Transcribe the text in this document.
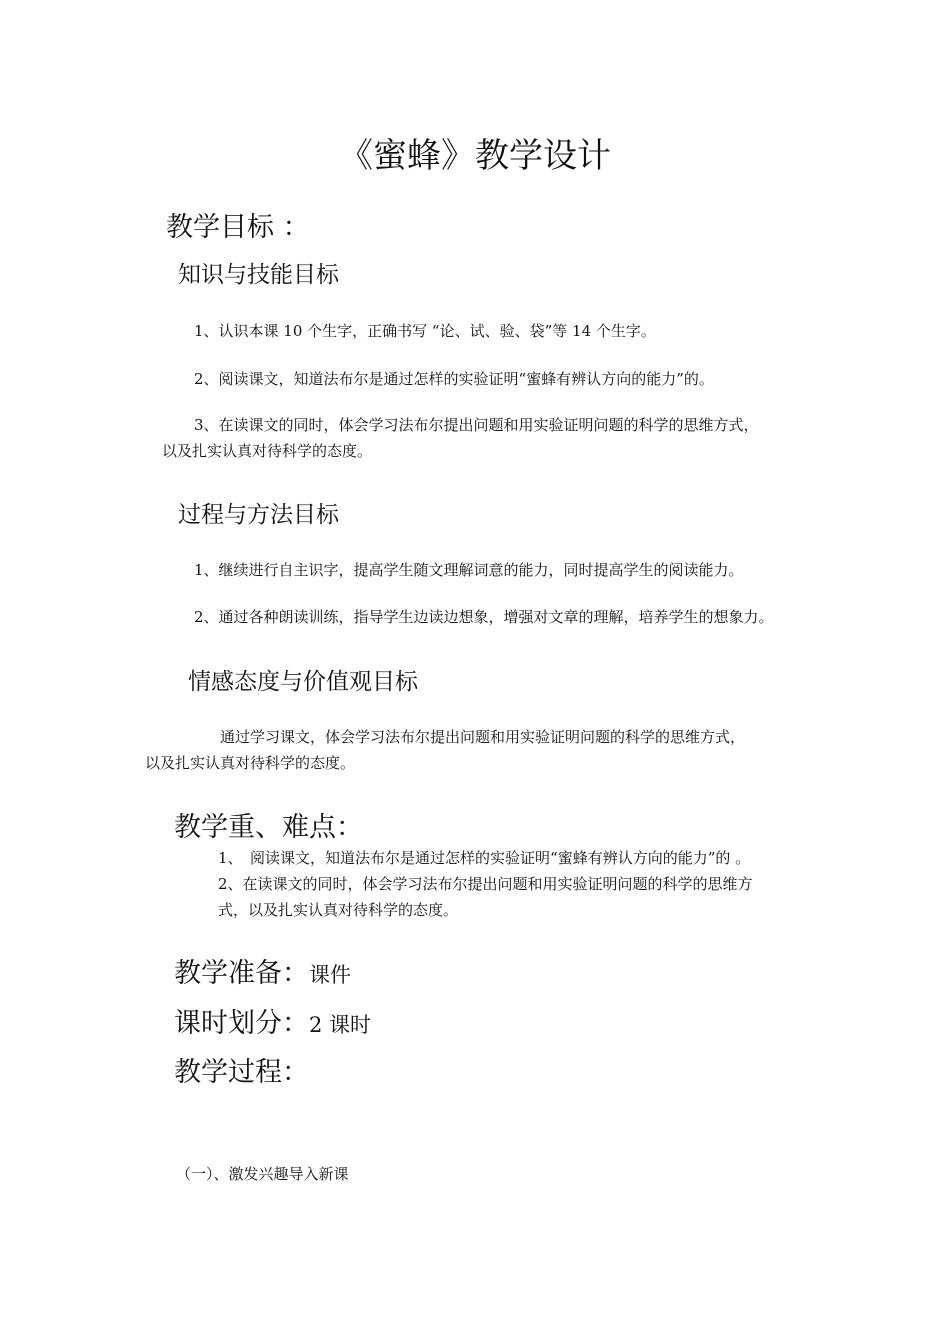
《蜜蜂》教学设计
教学目标 ：
知识与技能目标
1、认识本课 10 个生字，正确书写 “论、试、验、袋”等 14 个生字。
2、阅读课文，知道法布尔是通过怎样的实验证明“蜜蜂有辨认方向的能力”的。
3、在读课文的同时，体会学习法布尔提出问题和用实验证明问题的科学的思维方式，
以及扎实认真对待科学的态度。
过程与方法目标
1、继续进行自主识字，提高学生随文理解词意的能力，同时提高学生的阅读能力。
2、通过各种朗读训练，指导学生边读边想象，增强对文章的理解，培养学生的想象力。
情感态度与价值观目标
通过学习课文，体会学习法布尔提出问题和用实验证明问题的科学的思维方式，
以及扎实认真对待科学的态度。
教学重、难点：
1、　阅读课文，知道法布尔是通过怎样的实验证明“蜜蜂有辨认方向的能力”的 。
2、在读课文的同时，体会学习法布尔提出问题和用实验证明问题的科学的思维方
式，以及扎实认真对待科学的态度。
教学准备：课件
课时划分：2 课时
教学过程：
（一）、激发兴趣导入新课
